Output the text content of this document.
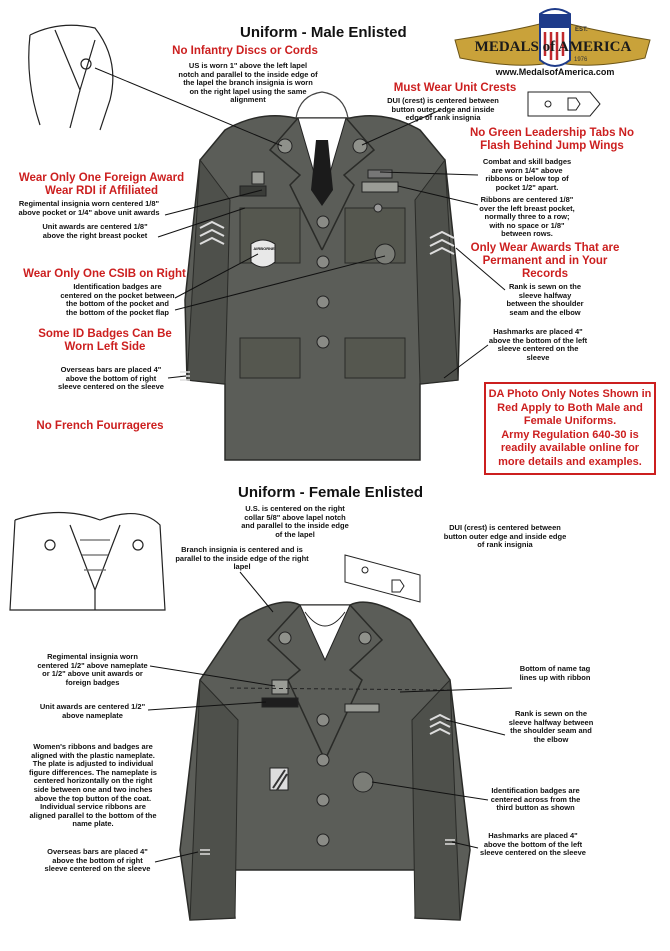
Uniform - Male Enlisted
US is worn 1" above the left lapel notch and parallel to the inside edge of the lapel the branch insignia is worn on the right lapel using the same alignment	DUI (crest) is centered between button outer edge and inside edge of rank insignia
Combat and skill badges are worn 1/4" above ribbons or below top of pocket 1/2" apart.
Ribbons are centered 1/8" over the left breast pocket, normally three to a row; with no space or 1/8" between rows.
Regimental insignia worn centered 1/8" above pocket or 1/4" above unit awards
Unit awards are centered 1/8" above the right breast pocket
Identification badges are centered on the pocket between the bottom of the pocket and the bottom of the pocket flap
Rank is sewn on the sleeve halfway between the shoulder seam and the elbow
Hashmarks are placed 4" above the bottom of the left sleeve centered on the sleeve
Overseas bars are placed 4" above the bottom of right sleeve centered on the sleeve
AIRBORNE
No Infantry Discs or Cords
Must Wear Unit Crests
No Green Leadership Tabs No Flash Behind Jump Wings
Wear Only One Foreign Award Wear RDI if Affiliated
Only Wear Awards That are Permanent and in Your Records
Wear Only One CSIB on Right
Some ID Badges Can Be Worn Left Side
No French Fourrageres
DA Photo Only Notes Shown in Red Apply to Both Male and Female Uniforms.
Army Regulation 640-30 is readily available online for more details and examples.
EST.
1976
MEDALS of AMERICA
www.MedalsofAmerica.com
Uniform - Female Enlisted
U.S. is centered on the right collar 5/8" above lapel notch and parallel to the inside edge of the lapel
Branch insignia is centered and is parallel to the inside edge of the right lapel
DUI (crest) is centered between button outer edge and inside edge of rank insignia
Regimental insignia worn centered 1/2" above nameplate or 1/2" above unit awards or foreign badges
Bottom of name tag lines up with ribbon
Unit awards are centered 1/2" above nameplate	Rank is sewn on the sleeve halfway between the shoulder seam and the elbow
Women's ribbons and badges are aligned with the plastic nameplate. The plate is adjusted to individual figure differences. The nameplate is centered horizontally on the right side between one and two inches above the top button of the coat. Individual service ribbons are aligned parallel to the bottom of the name plate.
Identification badges are centered across from the third button as shown
Hashmarks are placed 4" above the bottom of the left sleeve centered on the sleeve
Overseas bars are placed 4" above the bottom of right sleeve centered on the sleeve
